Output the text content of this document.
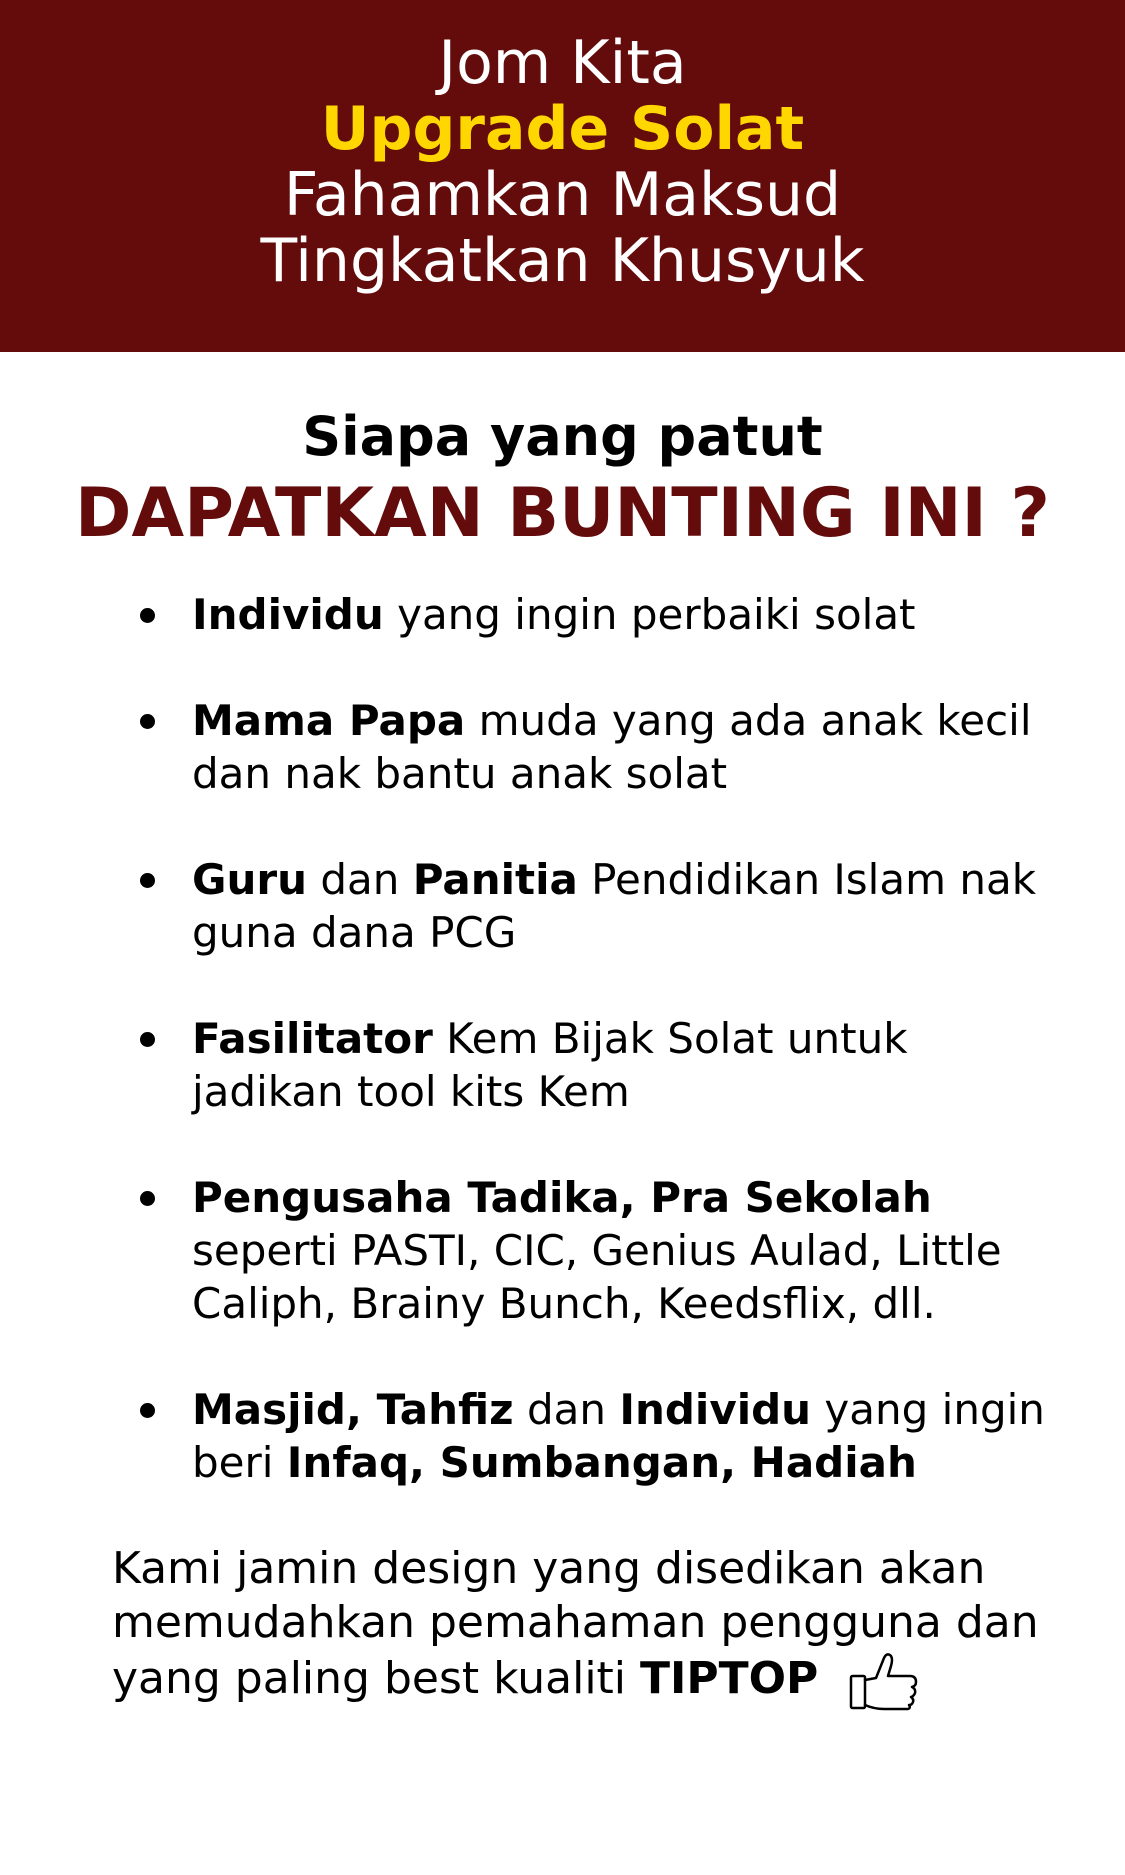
Jom Kita
Upgrade Solat
Fahamkan Maksud
Tingkatkan Khusyuk
Siapa yang patut
DAPATKAN BUNTING INI ?
Individu yang ingin perbaiki solat
Mama Papa muda yang ada anak kecil dan nak bantu anak solat
Guru dan Panitia Pendidikan Islam nak guna dana PCG
Fasilitator Kem Bijak Solat untuk jadikan tool kits Kem
Pengusaha Tadika, Pra Sekolah seperti PASTI, CIC, Genius Aulad, Little Caliph, Brainy Bunch, Keedsflix, dll.
Masjid, Tahfiz dan Individu yang ingin beri Infaq, Sumbangan, Hadiah
Kami jamin design yang disedikan akan memudahkan pemahaman pengguna dan yang paling best kualiti TIPTOP
